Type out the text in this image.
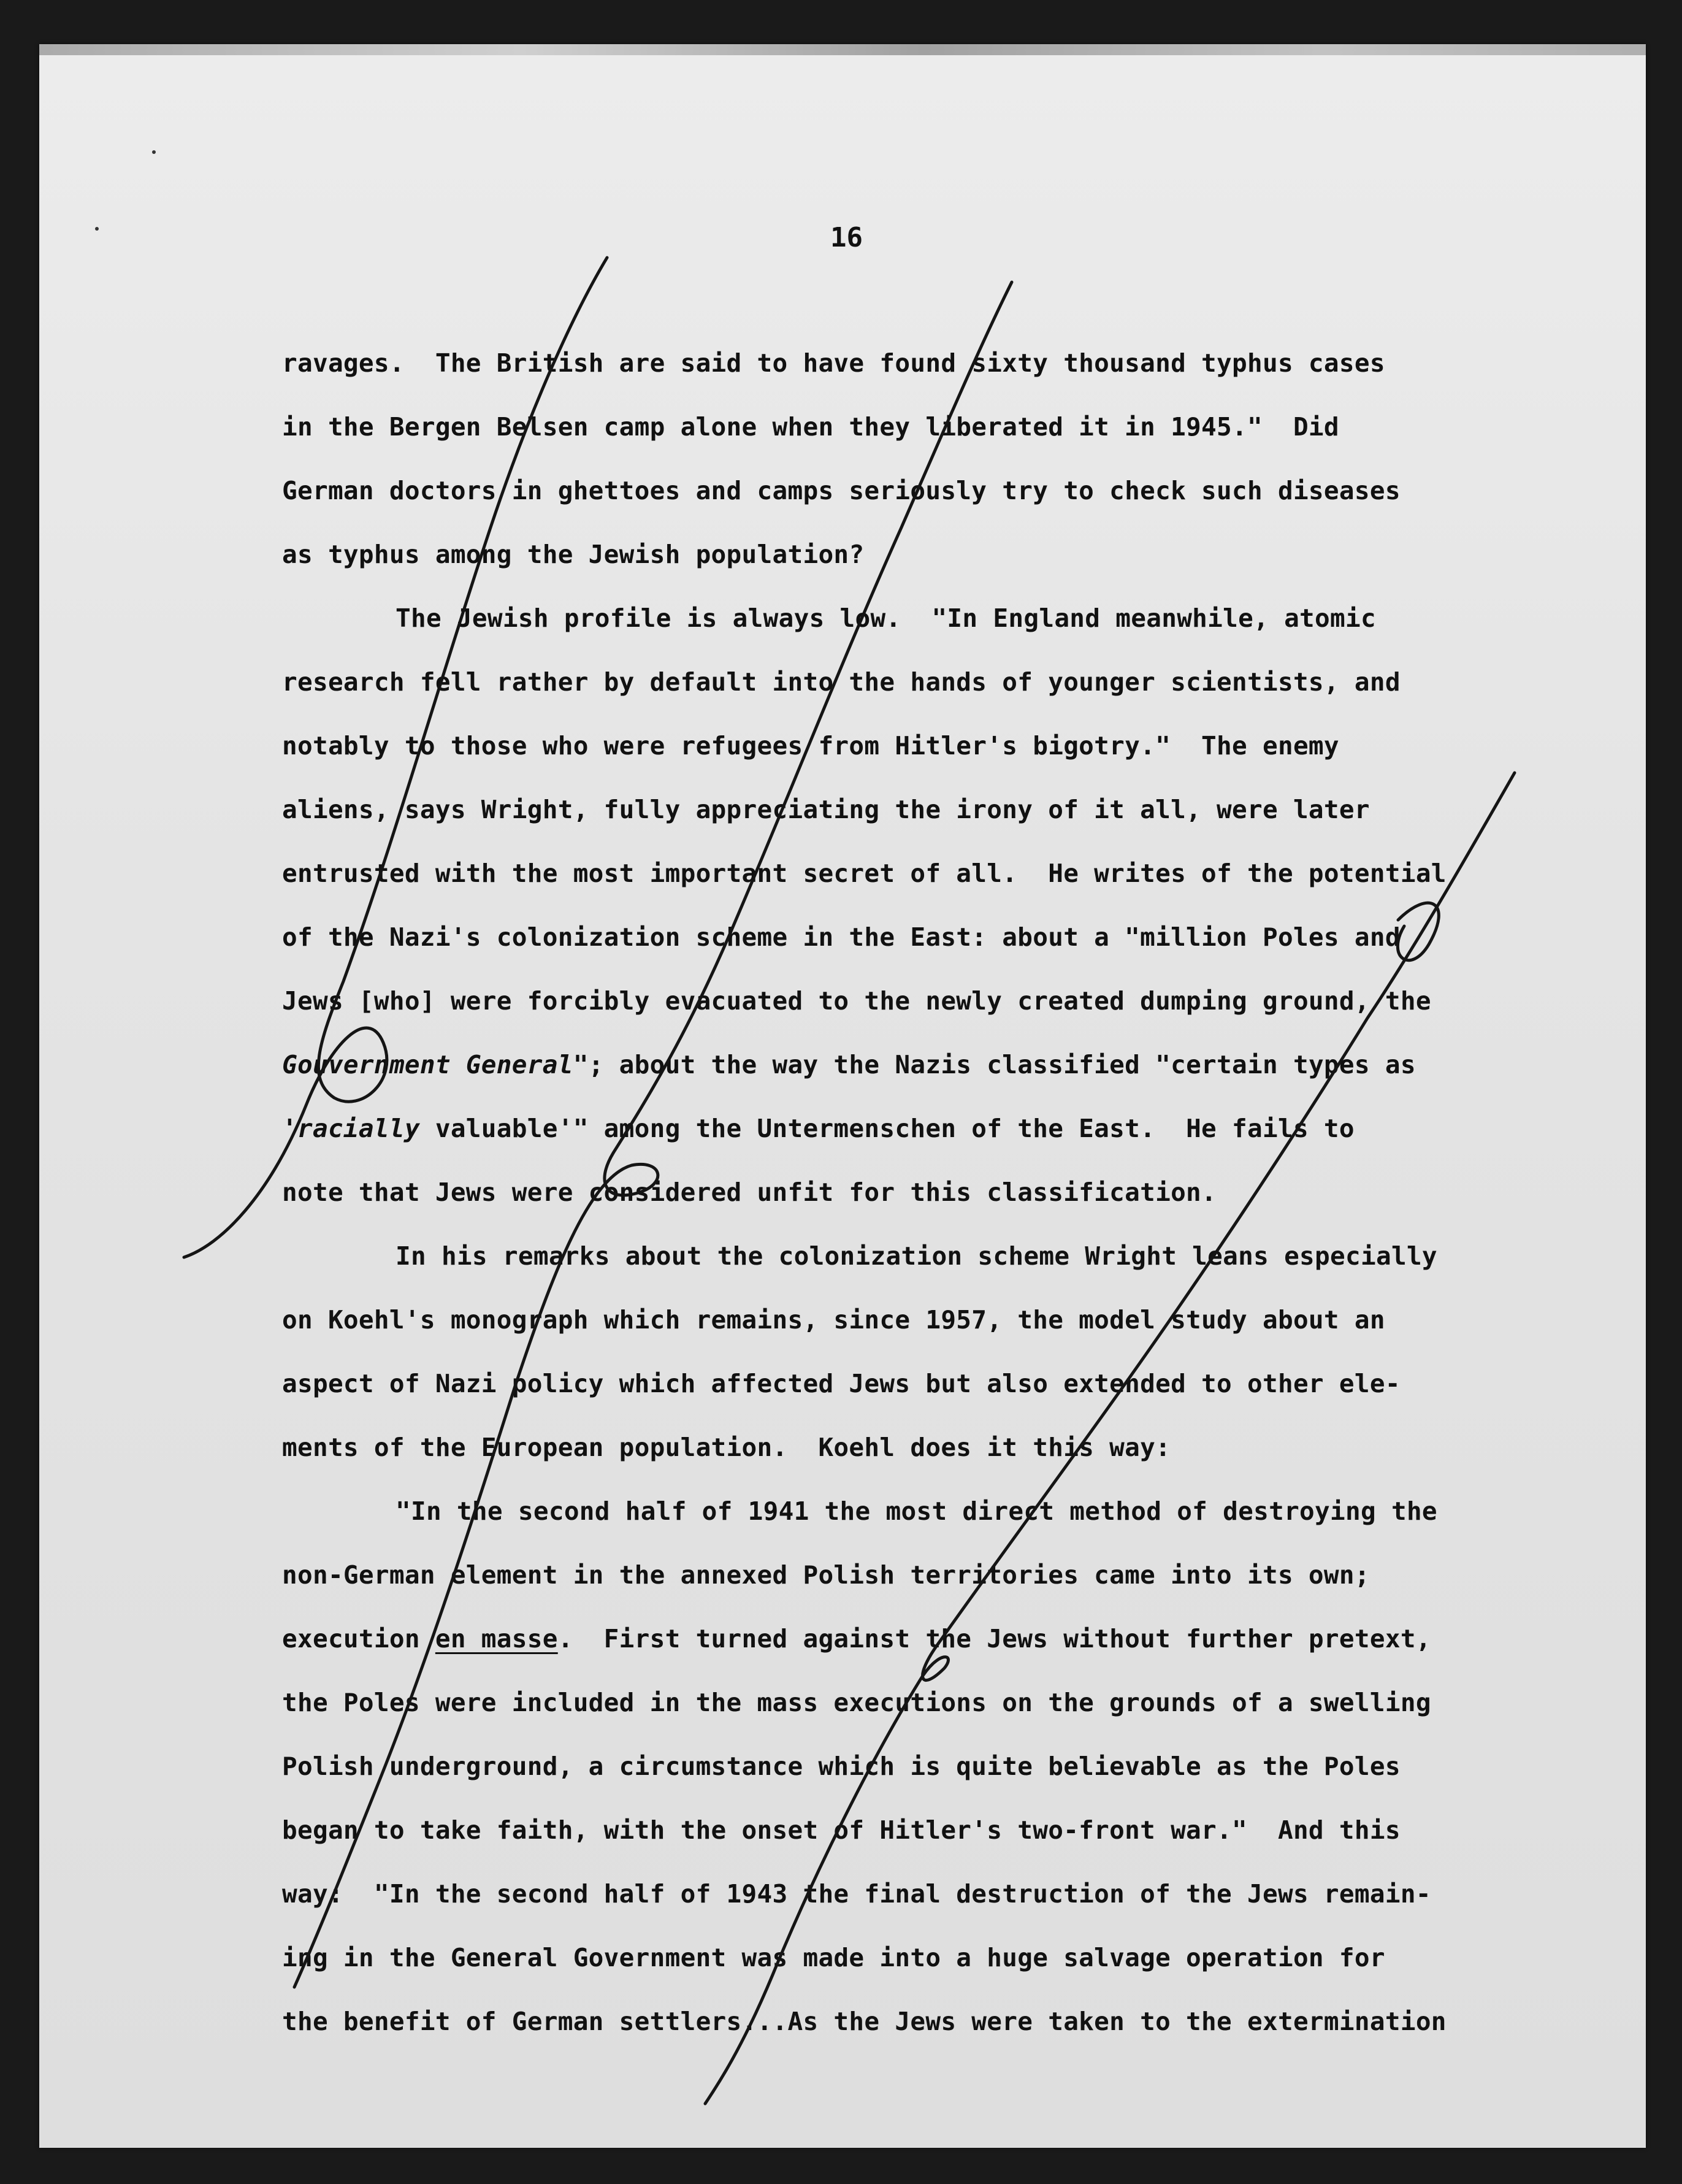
16
ravages.  The British are said to have found sixty thousand typhus cases
in the Bergen Belsen camp alone when they liberated it in 1945."  Did
German doctors in ghettoes and camps seriously try to check such diseases
as typhus among the Jewish population?
The Jewish profile is always low.  "In England meanwhile, atomic
research fell rather by default into the hands of younger scientists, and
notably to those who were refugees from Hitler's bigotry."  The enemy
aliens, says Wright, fully appreciating the irony of it all, were later
entrusted with the most important secret of all.  He writes of the potential
of the Nazi's colonization scheme in the East: about a "million Poles and
Jews [who] were forcibly evacuated to the newly created dumping ground, the
Gouvernment General"; about the way the Nazis classified "certain types as
'racially valuable'" among the Untermenschen of the East.  He fails to
note that Jews were considered unfit for this classification.
In his remarks about the colonization scheme Wright leans especially
on Koehl's monograph which remains, since 1957, the model study about an
aspect of Nazi policy which affected Jews but also extended to other ele-
ments of the European population.  Koehl does it this way:
"In the second half of 1941 the most direct method of destroying the
non-German element in the annexed Polish territories came into its own;
execution en masse.  First turned against the Jews without further pretext,
the Poles were included in the mass executions on the grounds of a swelling
Polish underground, a circumstance which is quite believable as the Poles
began to take faith, with the onset of Hitler's two-front war."  And this
way:  "In the second half of 1943 the final destruction of the Jews remain-
ing in the General Government was made into a huge salvage operation for
the benefit of German settlers...As the Jews were taken to the extermination
